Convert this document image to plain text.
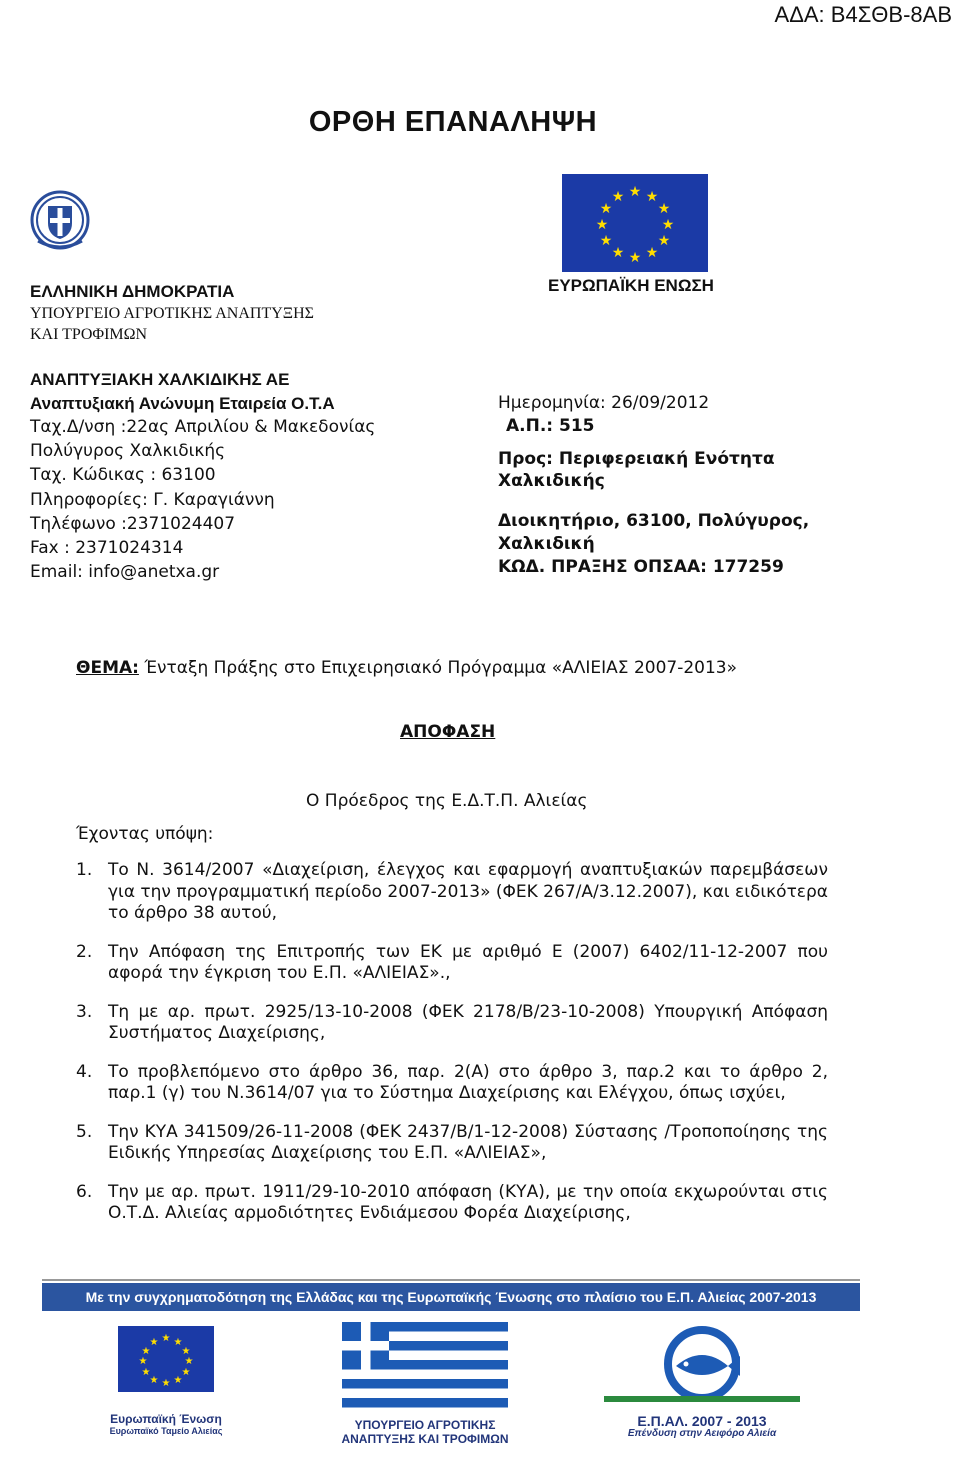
ΑΔΑ: Β4ΣΘΒ-8ΑΒ
ΟΡΘΗ ΕΠΑΝΑΛΗΨΗ
★ ★
★
★
★
★
★
★
★
★
★
★
ΕΥΡΩΠΑΪΚΗ ΕΝΩΣΗ
ΕΛΛΗΝΙΚΗ ΔΗΜΟΚΡΑΤΙΑ
ΥΠΟΥΡΓΕΙΟ ΑΓΡΟΤΙΚΗΣ ΑΝΑΠΤΥΞΗΣ
ΚΑΙ ΤΡΟΦΙΜΩΝ
ΑΝΑΠΤΥΞΙΑΚΗ ΧΑΛΚΙΔΙΚΗΣ ΑΕ
Αναπτυξιακή Ανώνυμη Εταιρεία Ο.Τ.Α
Ταχ.Δ/νση :22ας Απριλίου & Μακεδονίας
Πολύγυρος Χαλκιδικής
Ταχ. Κώδικας : 63100
Πληροφορίες: Γ. Καραγιάννη
Τηλέφωνο :2371024407
Fax : 2371024314
Email: info@anetxa.gr
Ημερομηνία: 26/09/2012
Α.Π.: 515
Προς: Περιφερειακή Ενότητα
Χαλκιδικής
Διοικητήριο, 63100, Πολύγυρος,
Χαλκιδική
ΚΩΔ. ΠΡΑΞΗΣ ΟΠΣΑΑ: 177259
ΘΕΜΑ: Ένταξη Πράξης στο Επιχειρησιακό Πρόγραμμα «ΑΛΙΕΙΑΣ 2007-2013»
ΑΠΟΦΑΣΗ
Ο Πρόεδρος της Ε.Δ.Τ.Π. Αλιείας
Έχοντας υπόψη:
1. Το Ν. 3614/2007 «Διαχείριση, έλεγχος και εφαρμογή αναπτυξιακών παρεμβάσεων για την προγραμματική περίοδο 2007-2013» (ΦΕΚ 267/Α/3.12.2007), και ειδικότερα το άρθρο 38 αυτού,
2. Την Απόφαση της Επιτροπής των ΕΚ με αριθμό Ε (2007) 6402/11-12-2007 που αφορά την έγκριση του Ε.Π. «ΑΛΙΕΙΑΣ».,
3. Τη με αρ. πρωτ. 2925/13-10-2008 (ΦΕΚ 2178/Β/23-10-2008) Υπουργική Απόφαση Συστήματος Διαχείρισης,
4. Το προβλεπόμενο στο άρθρο 36, παρ. 2(Α) στο άρθρο 3, παρ.2 και το άρθρο 2, παρ.1 (γ) του Ν.3614/07 για το Σύστημα Διαχείρισης και Ελέγχου, όπως ισχύει,
5. Την ΚΥΑ 341509/26-11-2008 (ΦΕΚ 2437/Β/1-12-2008) Σύστασης /Τροποποίησης της Ειδικής Υπηρεσίας Διαχείρισης του Ε.Π. «ΑΛΙΕΙΑΣ»,
6. Την με αρ. πρωτ. 1911/29-10-2010 απόφαση (ΚΥΑ), με την οποία εκχωρούνται στις Ο.Τ.Δ. Αλιείας αρμοδιότητες Ενδιάμεσου Φορέα Διαχείρισης,
Με την συγχρηματοδότηση της Ελλάδας και της Ευρωπαϊκής Ένωσης στο πλαίσιο του Ε.Π. Αλιείας 2007-2013
★ ★
★
★
★
★
★
★
★
★
★
★
Ευρωπαϊκή Ένωση
Ευρωπαϊκό Ταμείο Αλιείας	ΥΠΟΥΡΓΕΙΟ ΑΓΡΟΤΙΚΗΣ
ΑΝΑΠΤΥΞΗΣ ΚΑΙ ΤΡΟΦΙΜΩΝ
Ε.Π.ΑΛ. 2007 - 2013
Επένδυση στην Αειφόρο Αλιεία
